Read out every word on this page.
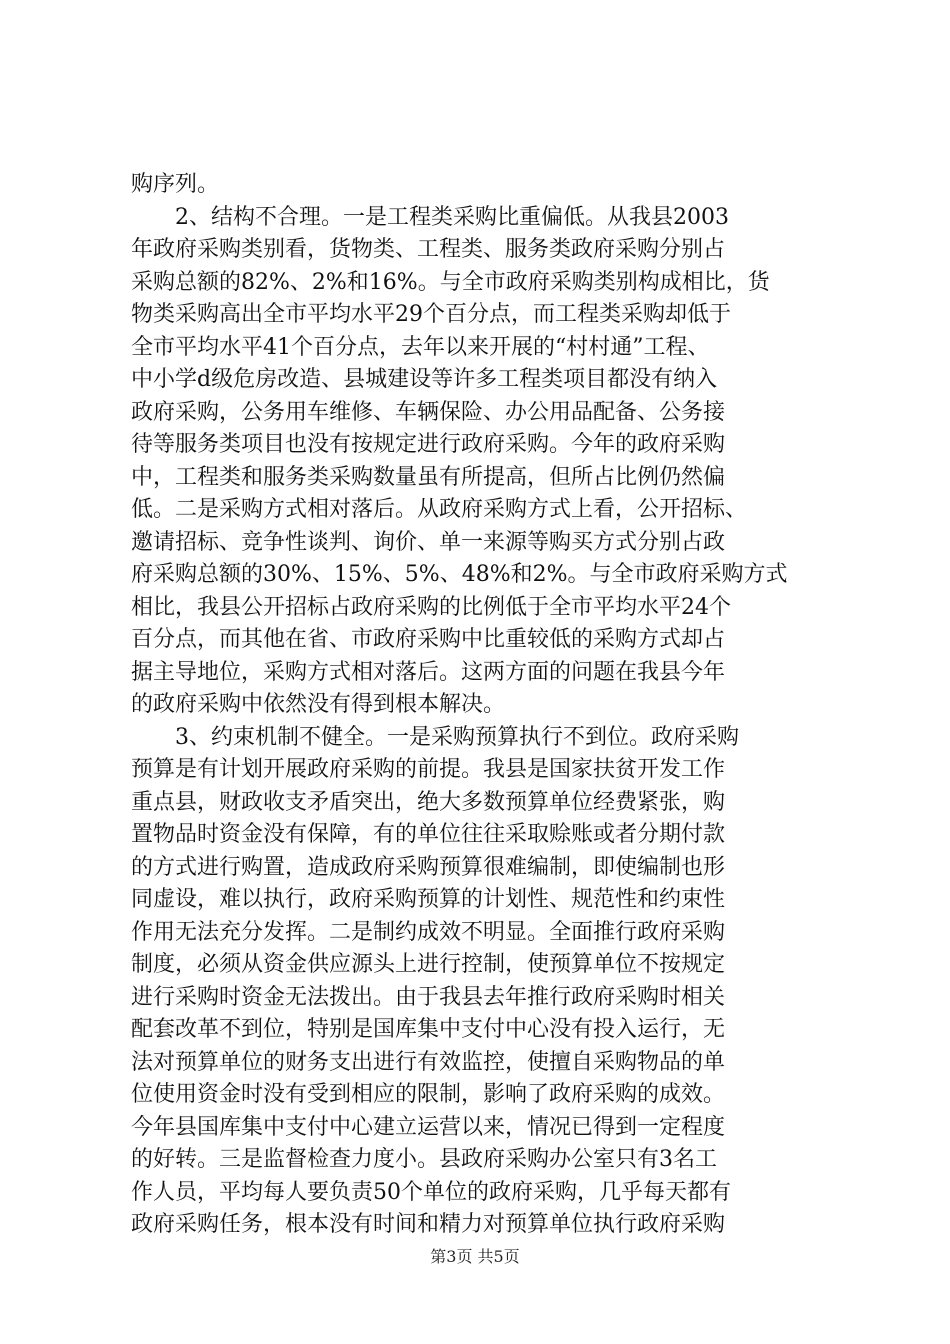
购序列。
2、结构不合理。一是工程类采购比重偏低。从我县2003
年政府采购类别看，货物类、工程类、服务类政府采购分别占
采购总额的82%、2%和16%。与全市政府采购类别构成相比，货
物类采购高出全市平均水平29个百分点，而工程类采购却低于
全市平均水平41个百分点，去年以来开展的“村村通”工程、
中小学d级危房改造、县城建设等许多工程类项目都没有纳入
政府采购，公务用车维修、车辆保险、办公用品配备、公务接
待等服务类项目也没有按规定进行政府采购。今年的政府采购
中，工程类和服务类采购数量虽有所提高，但所占比例仍然偏
低。二是采购方式相对落后。从政府采购方式上看，公开招标、
邀请招标、竞争性谈判、询价、单一来源等购买方式分别占政
府采购总额的30%、15%、5%、48%和2%。与全市政府采购方式
相比，我县公开招标占政府采购的比例低于全市平均水平24个
百分点，而其他在省、市政府采购中比重较低的采购方式却占
据主导地位，采购方式相对落后。这两方面的问题在我县今年
的政府采购中依然没有得到根本解决。
3、约束机制不健全。一是采购预算执行不到位。政府采购
预算是有计划开展政府采购的前提。我县是国家扶贫开发工作
重点县，财政收支矛盾突出，绝大多数预算单位经费紧张，购
置物品时资金没有保障，有的单位往往采取赊账或者分期付款
的方式进行购置，造成政府采购预算很难编制，即使编制也形
同虚设，难以执行，政府采购预算的计划性、规范性和约束性
作用无法充分发挥。二是制约成效不明显。全面推行政府采购
制度，必须从资金供应源头上进行控制，使预算单位不按规定
进行采购时资金无法拨出。由于我县去年推行政府采购时相关
配套改革不到位，特别是国库集中支付中心没有投入运行，无
法对预算单位的财务支出进行有效监控，使擅自采购物品的单
位使用资金时没有受到相应的限制，影响了政府采购的成效。
今年县国库集中支付中心建立运营以来，情况已得到一定程度
的好转。三是监督检查力度小。县政府采购办公室只有3名工
作人员，平均每人要负责50个单位的政府采购，几乎每天都有
政府采购任务，根本没有时间和精力对预算单位执行政府采购
第3页 共5页
